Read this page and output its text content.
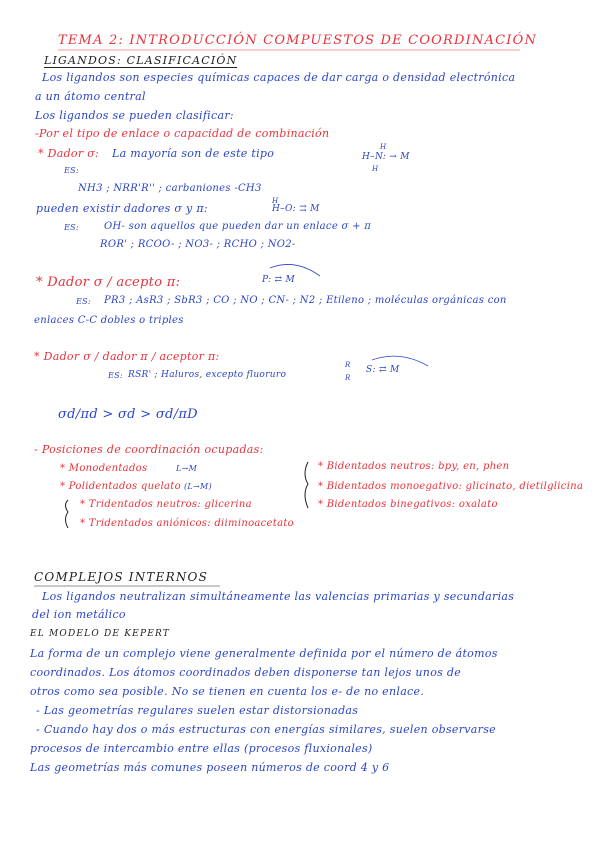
TEMA 2: INTRODUCCIÓN COMPUESTOS DE COORDINACIÓN
LIGANDOS: CLASIFICACIÓN
Los ligandos son especies químicas capaces de dar carga o densidad electrónica
a un átomo central
Los ligandos se pueden clasificar:
-Por el tipo de enlace o capacidad de combinación
* Dador σ: La mayoría son de este tipo	H
H–N: → M
H
ES:
NH3 ; NRR'R'' ; carbaniones -CH3
pueden existir dadores σ y π:
H
H–O: ⇉ M
ES:	OH- son aquellos que pueden dar un enlace σ + π
ROR' ; RCOO- ; NO3- ; RCHO ; NO2-
* Dador σ / acepto π:	P: ⇄ M
ES: PR3 ; AsR3 ; SbR3 ; CO ; NO ; CN- ; N2 ; Etileno ; moléculas orgánicas con
enlaces C-C dobles o triples
* Dador σ / dador π / aceptor π:
ES: RSR' ; Haluros, excepto fluoruro
R
R
S: ⇄ M
σd/πd > σd > σd/πD
- Posiciones de coordinación ocupadas:
* Monodentados	L→M
* Polidentados quelato (L→M)
* Tridentados neutros: glicerina
* Tridentados aniónicos: diiminoacetato
* Bidentados neutros: bpy, en, phen
* Bidentados monoegativo: glicinato, dietilglicina
* Bidentados binegativos: oxalato
COMPLEJOS INTERNOS
Los ligandos neutralizan simultáneamente las valencias primarias y secundarias
del ion metálico
EL MODELO DE KEPERT
La forma de un complejo viene generalmente definida por el número de átomos
coordinados. Los átomos coordinados deben disponerse tan lejos unos de
otros como sea posible. No se tienen en cuenta los e- de no enlace.
- Las geometrías regulares suelen estar distorsionadas
- Cuando hay dos o más estructuras con energías similares, suelen observarse
procesos de intercambio entre ellas (procesos fluxionales)
Las geometrías más comunes poseen números de coord 4 y 6
